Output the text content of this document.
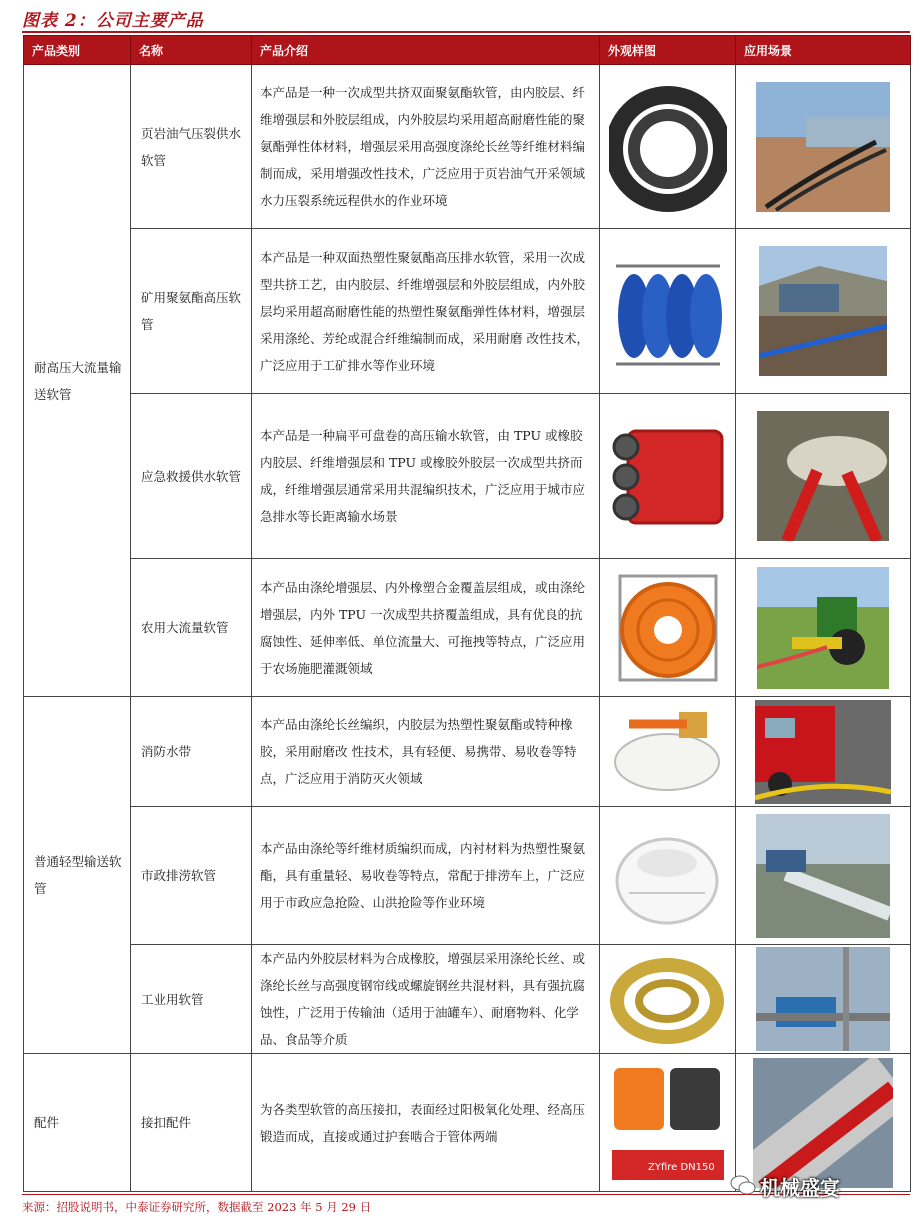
图表 2：公司主要产品
产品类别	名称	产品介绍	外观样图	应用场景
耐高压大流量输送软管	页岩油气压裂供水软管	本产品是一种一次成型共挤双面聚氨酯软管，由内胶层、纤维增强层和外胶层组成，内外胶层均采用超高耐磨性能的聚氨酯弹性体材料，增强层采用高强度涤纶长丝等纤维材料编制而成，采用增强改性技术，广泛应用于页岩油气开采领域水力压裂系统远程供水的作业环境	

	矿用聚氨酯高压软管	本产品是一种双面热塑性聚氨酯高压排水软管，采用一次成型共挤工艺，由内胶层、纤维增强层和外胶层组成，内外胶层均采用超高耐磨性能的热塑性聚氨酯弹性体材料，增强层采用涤纶、芳纶或混合纤维编制而成，采用耐磨 改性技术，广泛应用于工矿排水等作业环境	

	应急救援供水软管	本产品是一种扁平可盘卷的高压输水软管，由 TPU 或橡胶内胶层、纤维增强层和 TPU 或橡胶外胶层一次成型共挤而成，纤维增强层通常采用共混编织技术，广泛应用于城市应急排水等长距离输水场景	

	农用大流量软管	本产品由涤纶增强层、内外橡塑合金覆盖层组成，或由涤纶增强层，内外 TPU 一次成型共挤覆盖组成，具有优良的抗腐蚀性、延伸率低、单位流量大、可拖拽等特点，广泛应用于农场施肥灌溉领域	

普通轻型输送软管	消防水带	本产品由涤纶长丝编织，内胶层为热塑性聚氨酯或特种橡胶，采用耐磨改 性技术，具有轻便、易携带、易收卷等特点，广泛应用于消防灭火领域	

	市政排涝软管	本产品由涤纶等纤维材质编织而成，内衬材料为热塑性聚氨酯，具有重量轻、易收卷等特点，常配于排涝车上，广泛应用于市政应急抢险、山洪抢险等作业环境	

	工业用软管	本产品内外胶层材料为合成橡胶，增强层采用涤纶长丝、或涤纶长丝与高强度钢帘线或螺旋钢丝共混材料，具有强抗腐蚀性，广泛用于传输油（适用于油罐车）、耐磨物料、化学品、食品等介质	

配件	接扣配件	为各类型软管的高压接扣，表面经过阳极氧化处理、经高压锻造而成，直接或通过护套啮合于管体两端	ZYfire DN150

来源：招股说明书，中泰证券研究所，数据截至 2023 年 5 月 29 日
机械盛宴
